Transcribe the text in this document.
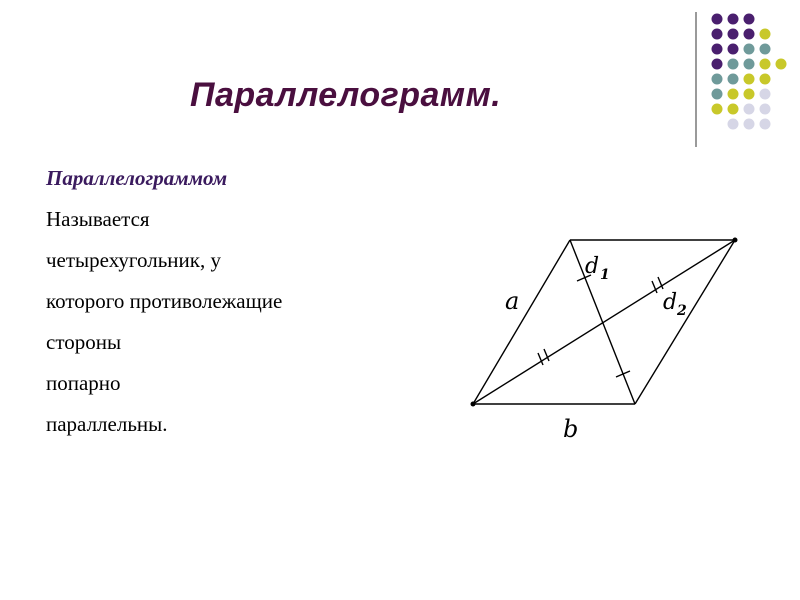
Параллелограмм.
Параллелограммом
Называется
четырехугольник, у
которого противолежащие
стороны
попарно
параллельны.
a
b
d 1
d 2
